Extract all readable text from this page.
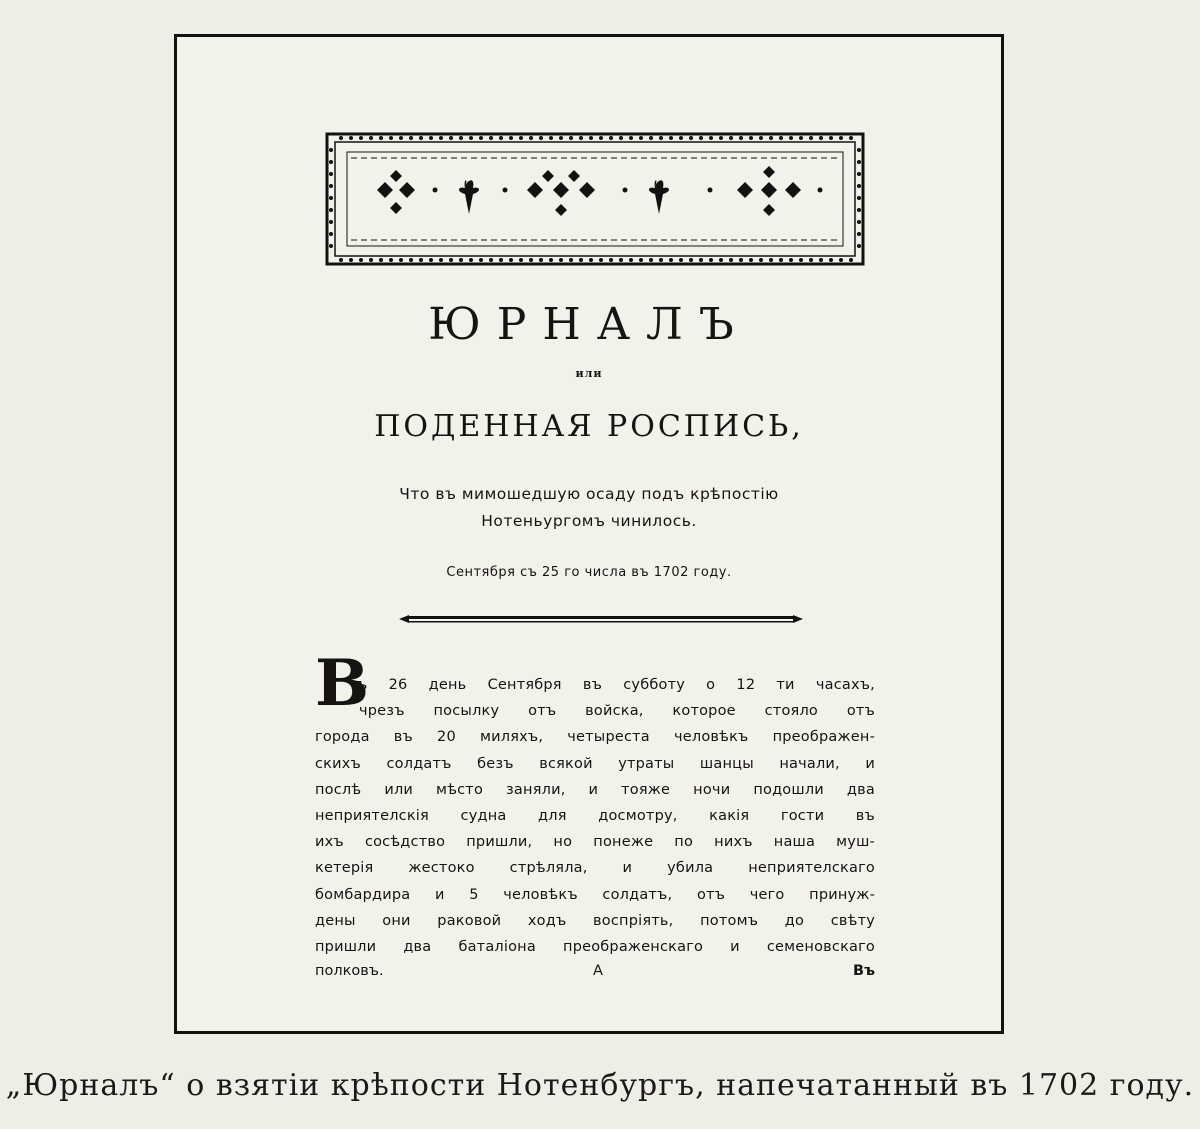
ЮРНАЛЪ
или
ПОДЕННАЯ РОСПИСЬ,
Что въ мимошедшую осаду подъ крѣпостію
Нотеньургомъ чинилось.
Сентября съ 25 го числа въ 1702 году.
В
ъ 26 день Сентября въ субботу о 12 ти часахъ,
чрезъ посылку отъ войска, которое стояло отъ
города въ 20 миляхъ, четыреста человѣкъ преображен-
скихъ солдатъ безъ всякой утраты шанцы начали, и
послѣ или мѣсто заняли, и тояже ночи подошли два
неприятелскія судна для досмотру, какія гости въ
ихъ сосѣдство пришли, но понеже по нихъ наша муш-
кетерія жестоко стрѣляла, и убила неприятелскаго
бомбардира и 5 человѣкъ солдатъ, отъ чего принуж-
дены они раковой ходъ воспріять, потомъ до свѣту
пришли два баталіона преображенскаго и семеновскаго
полковъ.	А	Въ
„Юрналъ“ о взятіи крѣпости Нотенбургъ, напечатанный въ 1702 году.
